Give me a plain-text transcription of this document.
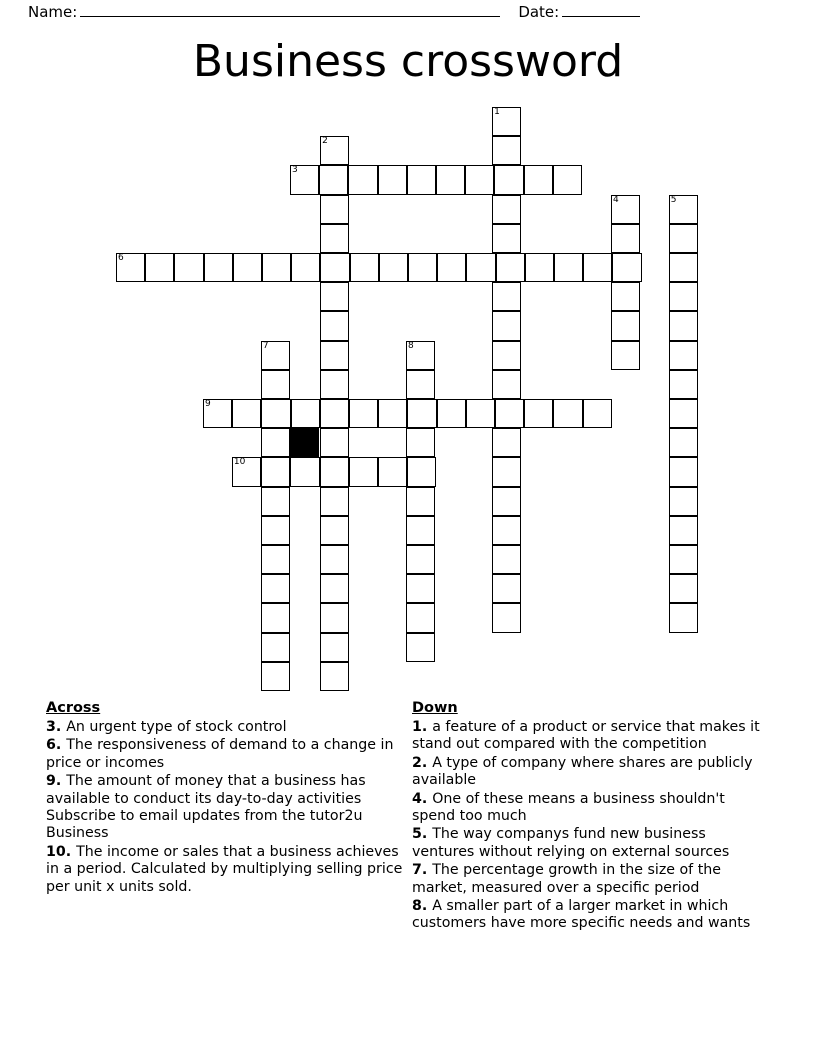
Name:	Date:
Business crossword
1
2
3
4	5
6
7	8
9
10
Across
3. An urgent type of stock control
6. The responsiveness of demand to a change in price or incomes
9. The amount of money that a business has available to conduct its day-to-day activities Subscribe to email updates from the tutor2u Business
10. The income or sales that a business achieves in a period. Calculated by multiplying selling price per unit x units sold.
Down
1. a feature of a product or service that makes it stand out compared with the competition
2. A type of company where shares are publicly available
4. One of these means a business shouldn't spend too much
5. The way companys fund new business ventures without relying on external sources
7. The percentage growth in the size of the market, measured over a specific period
8. A smaller part of a larger market in which customers have more specific needs and wants
